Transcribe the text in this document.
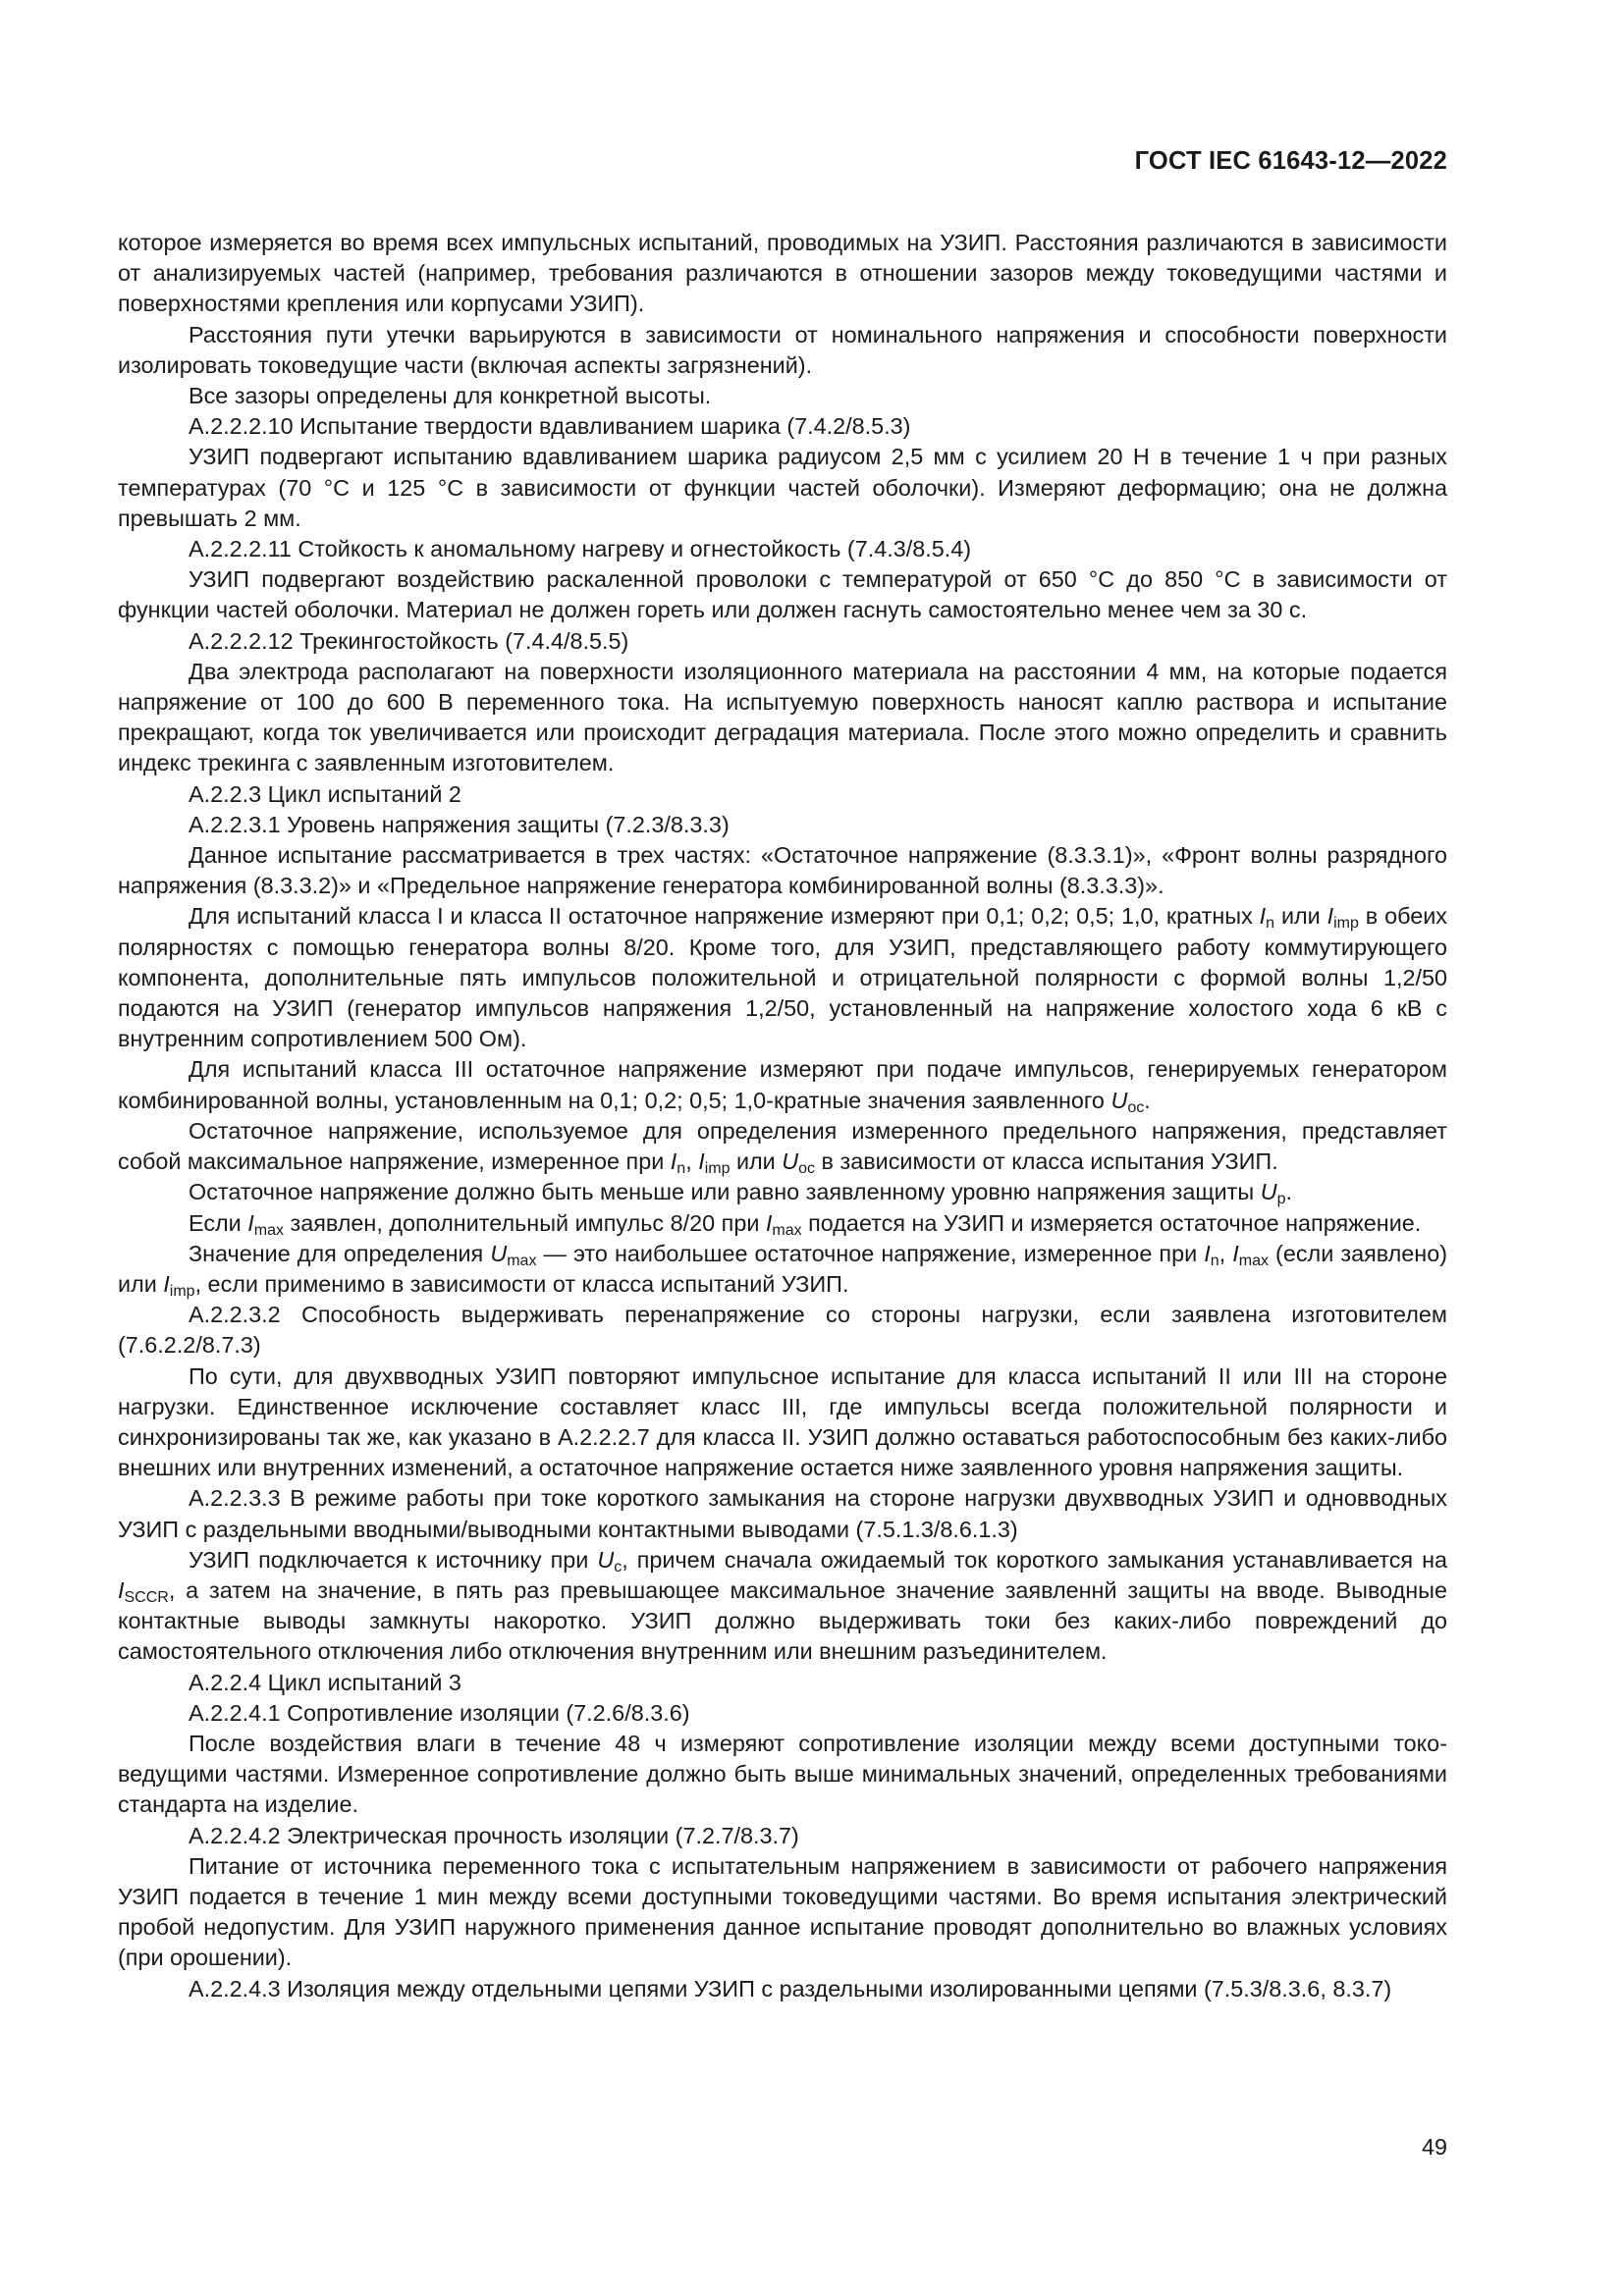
ГОСТ IEC 61643-12—2022

которое измеряется во время всех импульсных испытаний, проводимых на УЗИП. Расстояния различаются в зависимости от анализируемых частей (например, требования различаются в отношении зазоров между токоведущими частями и поверхностями крепления или корпусами УЗИП).

Расстояния пути утечки варьируются в зависимости от номинального напряжения и способности поверхности изолировать токоведущие части (включая аспекты загрязнений).

Все зазоры определены для конкретной высоты.

А.2.2.2.10 Испытание твердости вдавливанием шарика (7.4.2/8.5.3)

УЗИП подвергают испытанию вдавливанием шарика радиусом 2,5 мм с усилием 20 Н в течение 1 ч при разных температурах (70 °С и 125 °С в зависимости от функции частей оболочки). Измеряют деформацию; она не должна превышать 2 мм.

А.2.2.2.11 Стойкость к аномальному нагреву и огнестойкость (7.4.3/8.5.4)

УЗИП подвергают воздействию раскаленной проволоки с температурой от 650 °С до 850 °С в зависимости от функции частей оболочки. Материал не должен гореть или должен гаснуть самостоятельно менее чем за 30 с.

А.2.2.2.12 Трекингостойкость (7.4.4/8.5.5)

Два электрода располагают на поверхности изоляционного материала на расстоянии 4 мм, на которые подается напряжение от 100 до 600 В переменного тока. На испытуемую поверхность наносят каплю раствора и испытание прекращают, когда ток увеличивается или происходит деградация материала. После этого можно определить и сравнить индекс трекинга с заявленным изготовителем.

А.2.2.3 Цикл испытаний 2

А.2.2.3.1 Уровень напряжения защиты (7.2.3/8.3.3)

Данное испытание рассматривается в трех частях: «Остаточное напряжение (8.3.3.1)», «Фронт волны разрядного напряжения (8.3.3.2)» и «Предельное напряжение генератора комбинированной волны (8.3.3.3)».

Для испытаний класса I и класса II остаточное напряжение измеряют при 0,1; 0,2; 0,5; 1,0, кратных $I_n$ или $I_{imp}$ в обеих полярностях с помощью генератора волны 8/20. Кроме того, для УЗИП, представляющего работу коммутирующего компонента, дополнительные пять импульсов положительной и отрицательной полярности с формой волны 1,2/50 подаются на УЗИП (генератор импульсов напряжения 1,2/50, установленный на напряжение холостого хода 6 кВ с внутренним сопротивлением 500 Ом).

Для испытаний класса III остаточное напряжение измеряют при подаче импульсов, генерируемых генератором комбинированной волны, установленным на 0,1; 0,2; 0,5; 1,0-кратные значения заявленного $U_{ос}$.

Остаточное напряжение, используемое для определения измеренного предельного напряжения, представляет собой максимальное напряжение, измеренное при $I_n$, $I_{imp}$ или $U_{oc}$ в зависимости от класса испытания УЗИП.

Остаточное напряжение должно быть меньше или равно заявленному уровню напряжения защиты $U_p$.

Если $I_{max}$ заявлен, дополнительный импульс 8/20 при $I_{max}$ подается на УЗИП и измеряется остаточное напряжение.

Значение для определения $U_{max}$ — это наибольшее остаточное напряжение, измеренное при $I_n$, $I_{max}$ (если заявлено) или $I_{imp}$, если применимо в зависимости от класса испытаний УЗИП.

А.2.2.3.2 Способность выдерживать перенапряжение со стороны нагрузки, если заявлена изготовителем (7.6.2.2/8.7.3)

По сути, для двухвводных УЗИП повторяют импульсное испытание для класса испытаний II или III на стороне нагрузки. Единственное исключение составляет класс III, где импульсы всегда положительной полярности и синхронизированы так же, как указано в А.2.2.2.7 для класса II. УЗИП должно оставаться работоспособным без каких-либо внешних или внутренних изменений, а остаточное напряжение остается ниже заявленного уровня напряжения защиты.

А.2.2.3.3 В режиме работы при токе короткого замыкания на стороне нагрузки двухвводных УЗИП и одновводных УЗИП с раздельными вводными/выводными контактными выводами (7.5.1.3/8.6.1.3)

УЗИП подключается к источнику при $U_c$, причем сначала ожидаемый ток короткого замыкания устанавливается на $I_{SCCR}$, а затем на значение, в пять раз превышающее максимальное значение заявленнй защиты на вводе. Выводные контактные выводы замкнуты накоротко. УЗИП должно выдерживать токи без каких-либо повреждений до самостоятельного отключения либо отключения внутренним или внешним разъединителем.

А.2.2.4 Цикл испытаний 3

А.2.2.4.1 Сопротивление изоляции (7.2.6/8.3.6)

После воздействия влаги в течение 48 ч измеряют сопротивление изоляции между всеми доступными токоведущими частями. Измеренное сопротивление должно быть выше минимальных значений, определенных требованиями стандарта на изделие.

А.2.2.4.2 Электрическая прочность изоляции (7.2.7/8.3.7)

Питание от источника переменного тока с испытательным напряжением в зависимости от рабочего напряжения УЗИП подается в течение 1 мин между всеми доступными токоведущими частями. Во время испытания электрический пробой недопустим. Для УЗИП наружного применения данное испытание проводят дополнительно во влажных условиях (при орошении).

А.2.2.4.3 Изоляция между отдельными цепями УЗИП с раздельными изолированными цепями (7.5.3/8.3.6, 8.3.7)

49
